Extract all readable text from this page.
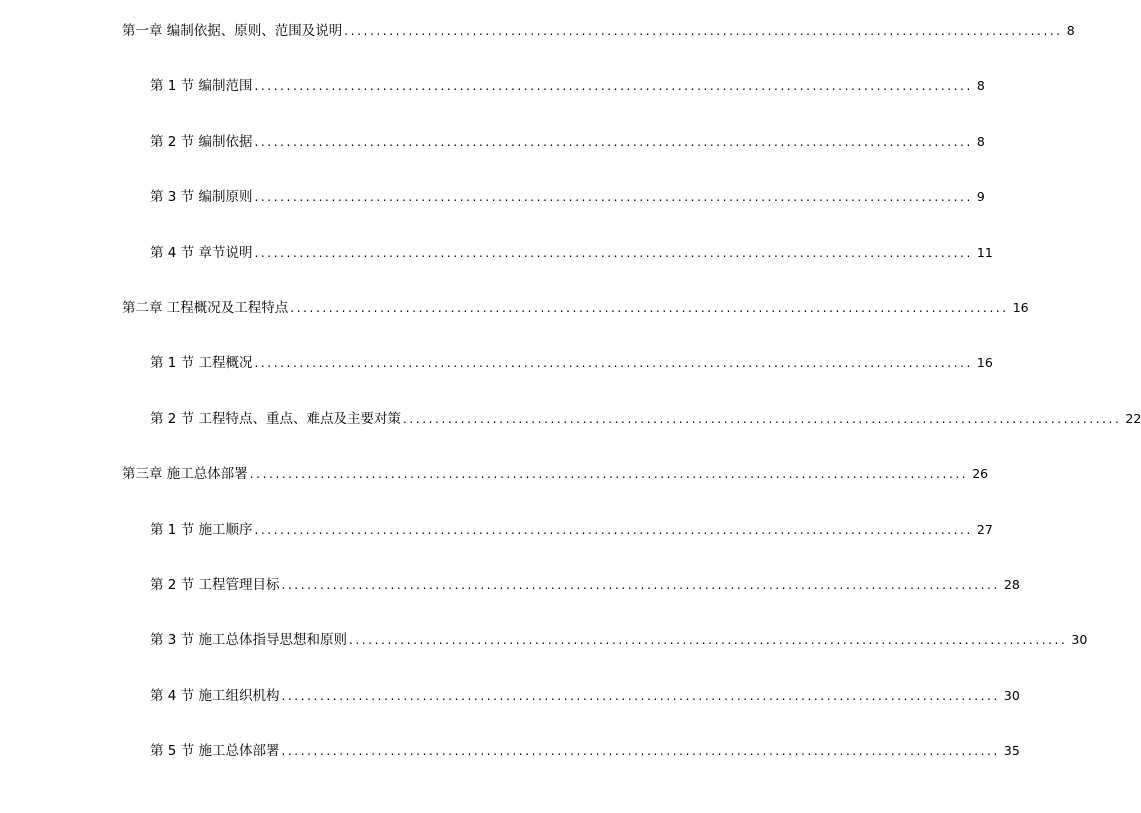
第一章 编制依据、原则、范围及说明 ................................................................................................................ 8
第 1 节 编制范围 ................................................................................................................ 8
第 2 节 编制依据 ................................................................................................................ 8
第 3 节 编制原则 ................................................................................................................ 9
第 4 节 章节说明 ................................................................................................................ 11
第二章 工程概况及工程特点 ................................................................................................................ 16
第 1 节 工程概况 ................................................................................................................ 16
第 2 节 工程特点、重点、难点及主要对策 ................................................................................................................ 22
第三章 施工总体部署 ................................................................................................................ 26
第 1 节 施工顺序 ................................................................................................................ 27
第 2 节 工程管理目标 ................................................................................................................ 28
第 3 节 施工总体指导思想和原则 ................................................................................................................ 30
第 4 节 施工组织机构 ................................................................................................................ 30
第 5 节 施工总体部署 ................................................................................................................ 35
